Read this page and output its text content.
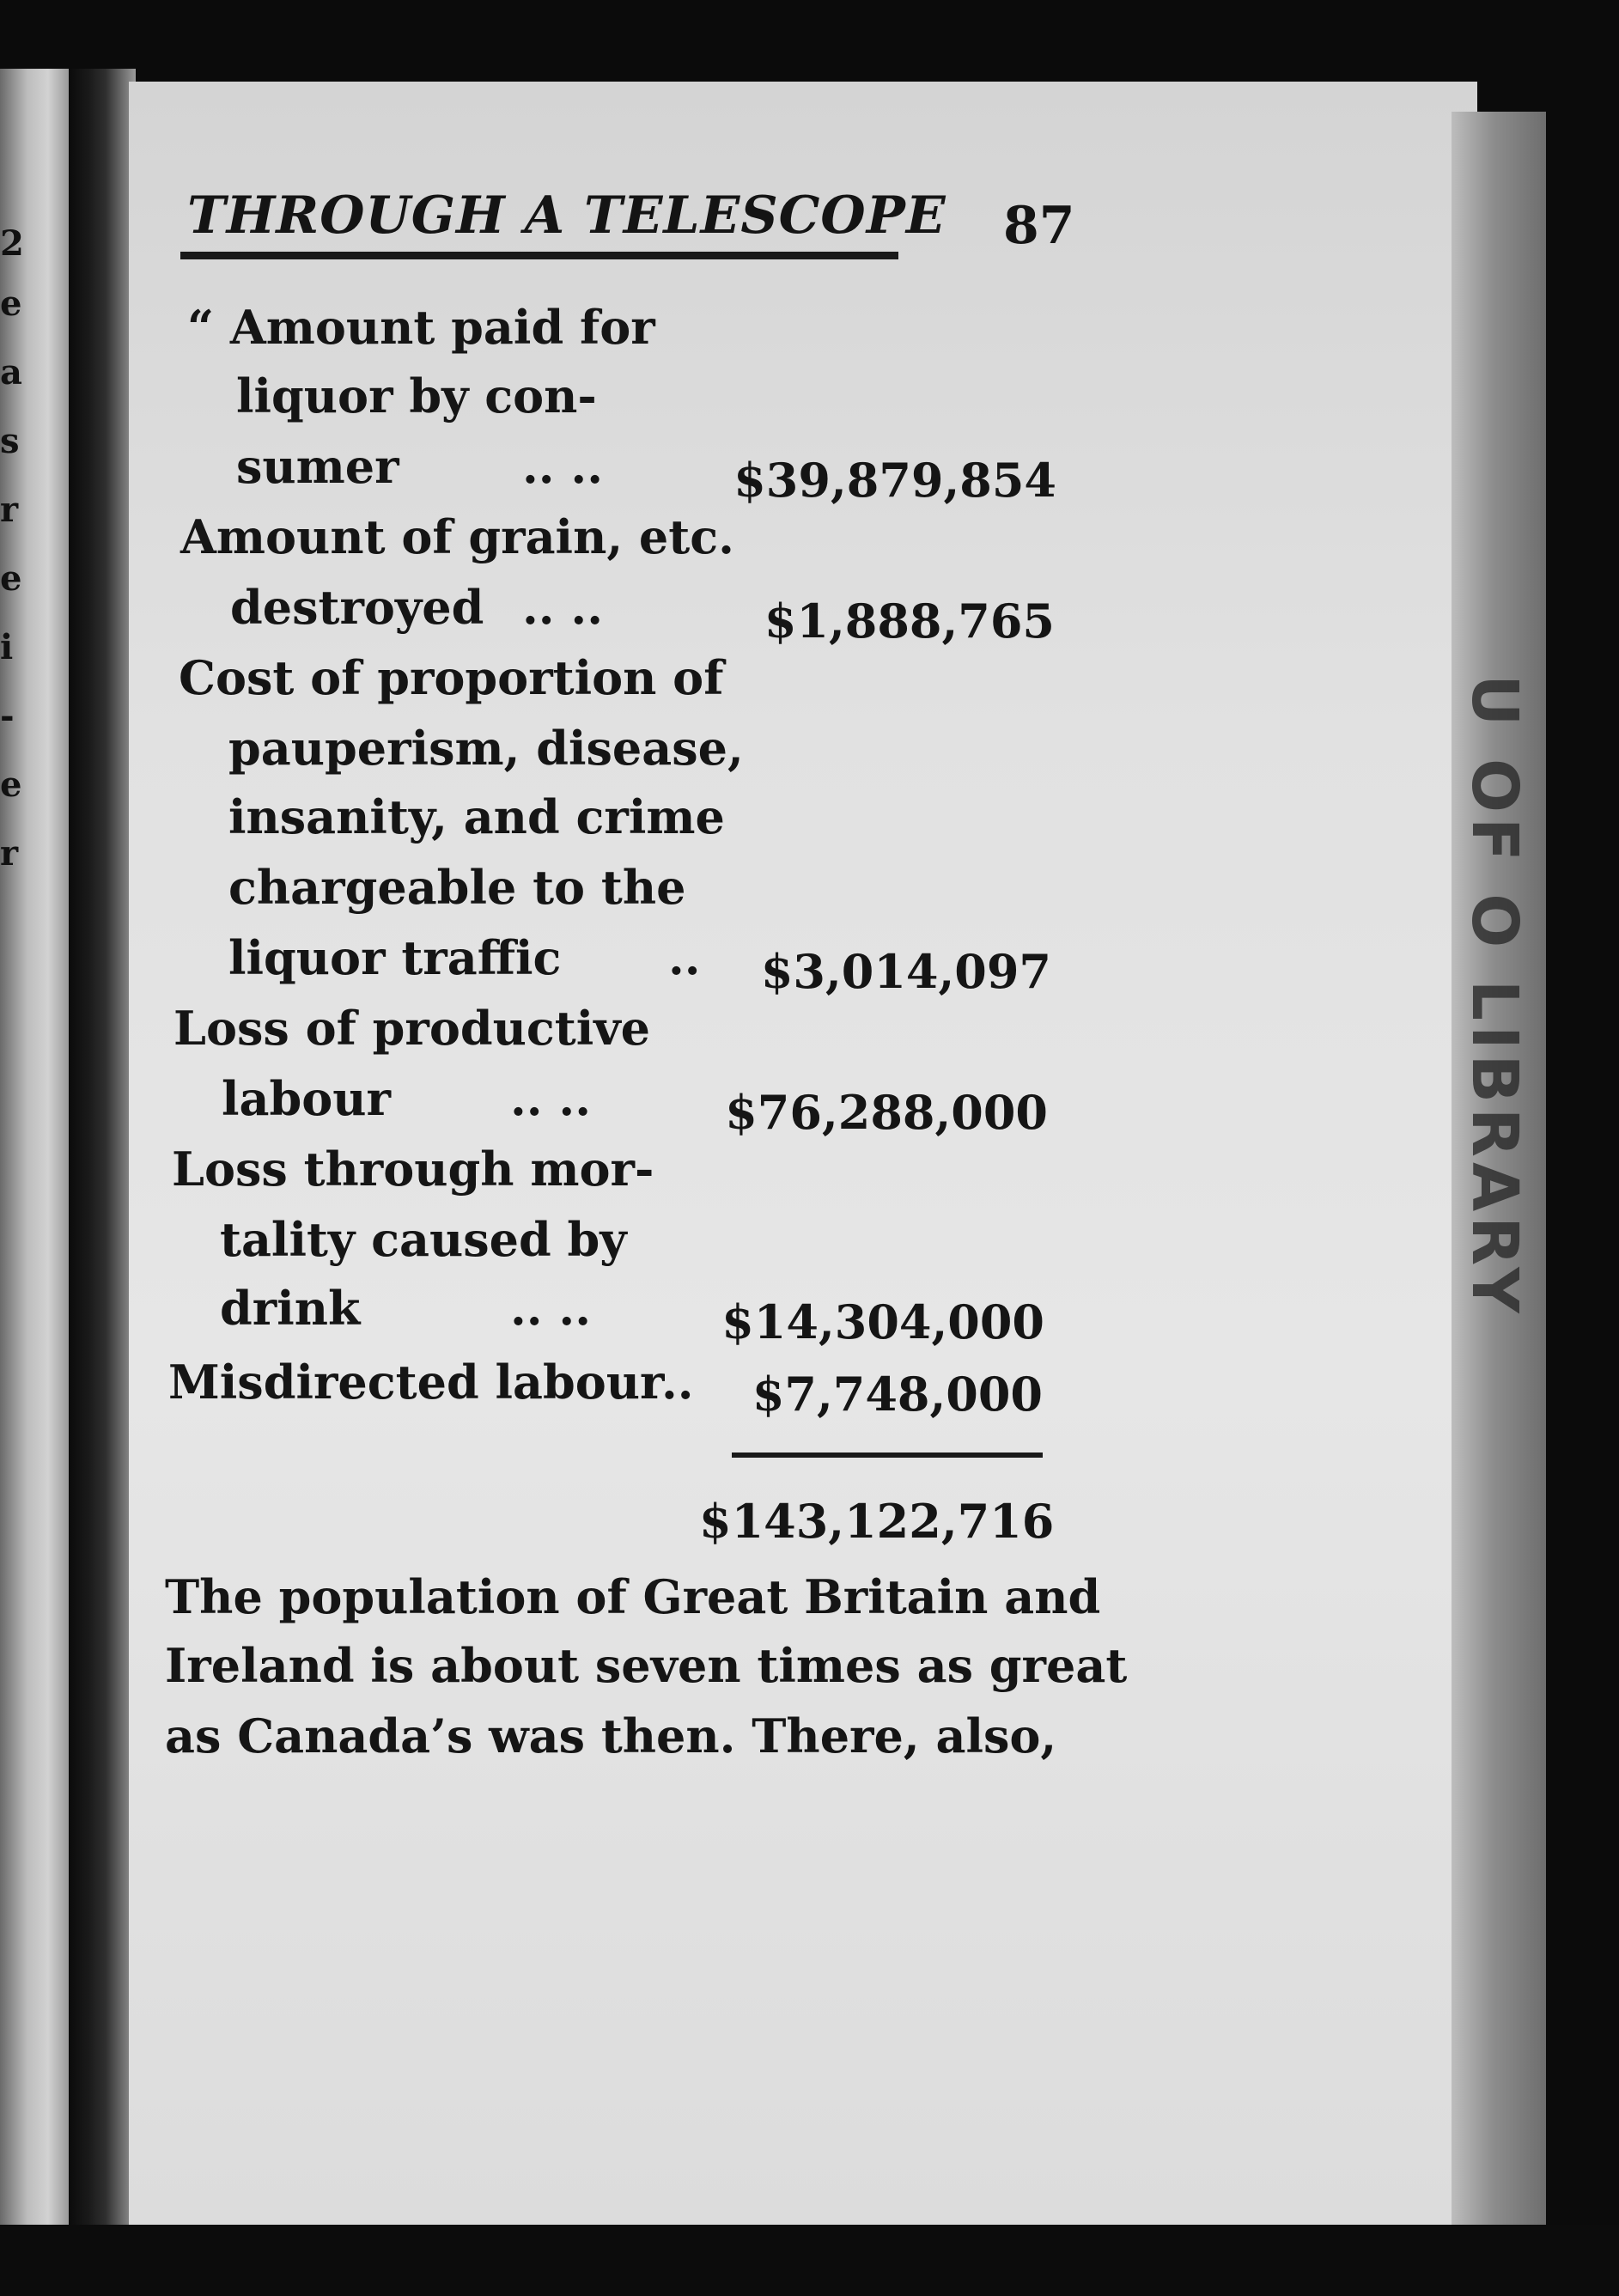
2
e
a
s
r
e
i
-
e
r	U OF O LIBRARY
THROUGH A TELESCOPE 87
“ Amount paid for
liquor by con-
sumer	.. ..	$39,879,854
Amount of grain, etc.
destroyed .. ..	$1,888,765
Cost of proportion of
pauperism, disease,
insanity, and crime
chargeable to the
liquor traffic ..	$3,014,097
Loss of productive
labour	.. ..	$76,288,000
Loss through mor-
tality caused by
drink	.. ..	$14,304,000
Misdirected labour
..	$7,748,000
$143,122,716
The population of Great Britain and
Ireland is about seven times as great
as Canada’s was then. There, also,
